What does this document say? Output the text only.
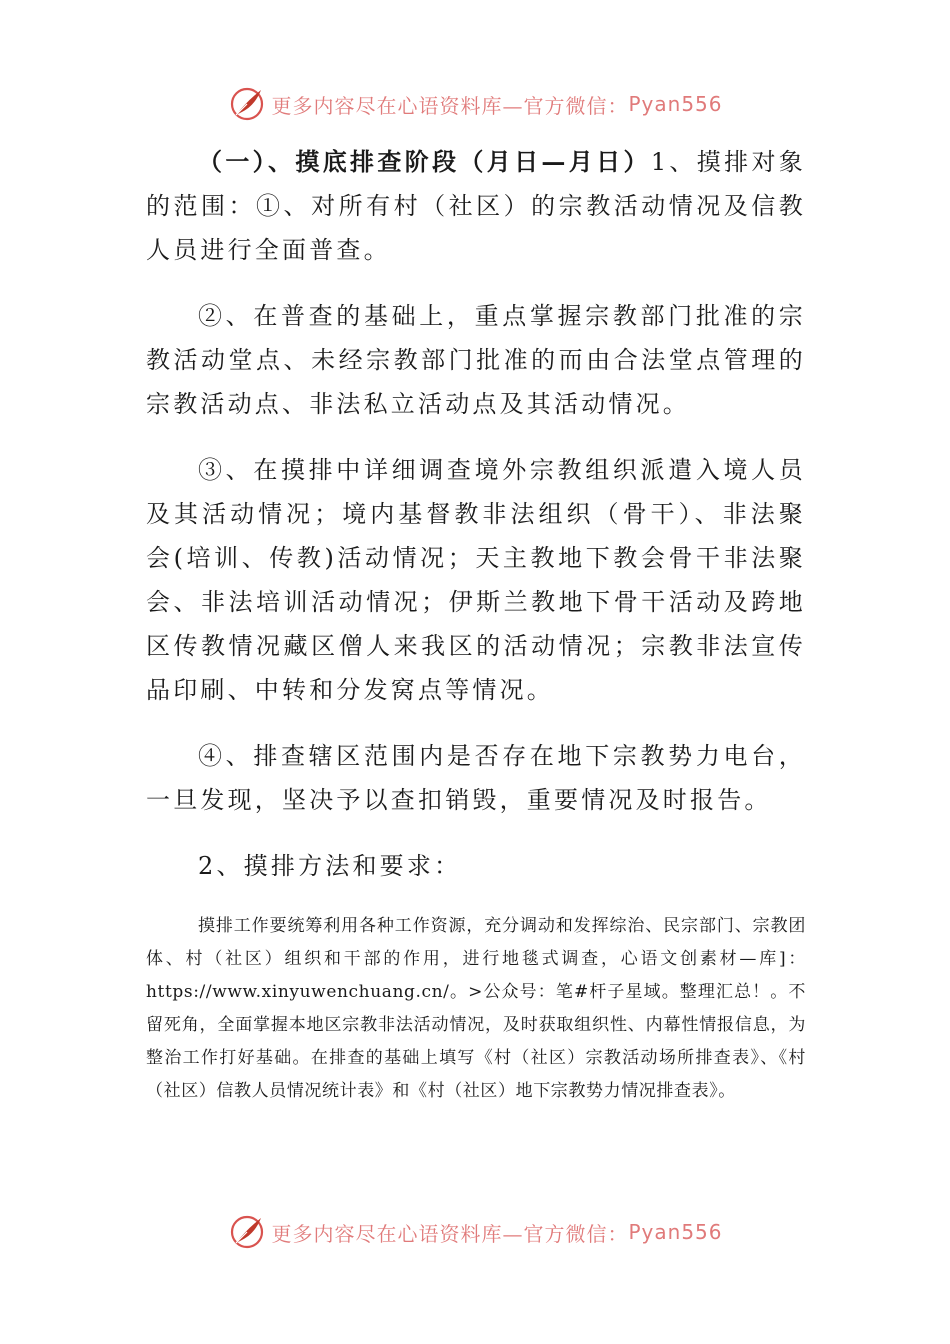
更多内容尽在心语资料库—官方微信： Pyan556

（一）、摸底排查阶段（月日—月日）1、摸排对象的范围：①、对所有村（社区）的宗教活动情况及信教人员进行全面普查。

②、在普查的基础上，重点掌握宗教部门批准的宗教活动堂点、未经宗教部门批准的而由合法堂点管理的宗教活动点、非法私立活动点及其活动情况。

③、在摸排中详细调查境外宗教组织派遣入境人员及其活动情况；境内基督教非法组织（骨干）、非法聚会(培训、传教)活动情况；天主教地下教会骨干非法聚会、非法培训活动情况；伊斯兰教地下骨干活动及跨地区传教情况藏区僧人来我区的活动情况；宗教非法宣传品印刷、中转和分发窝点等情况。

④、排查辖区范围内是否存在地下宗教势力电台，一旦发现，坚决予以查扣销毁，重要情况及时报告。

2、摸排方法和要求：

摸排工作要统筹利用各种工作资源，充分调动和发挥综治、民宗部门、宗教团体、村（社区）组织和干部的作用，进行地毯式调查，心语文创素材—库]：https://www.xinyuwenchuang.cn/。>公众号：笔#杆子星域。整理汇总！。不留死角，全面掌握本地区宗教非法活动情况，及时获取组织性、内幕性情报信息，为整治工作打好基础。在排查的基础上填写《村（社区）宗教活动场所排查表》、《村（社区）信教人员情况统计表》和《村（社区）地下宗教势力情况排查表》。

更多内容尽在心语资料库—官方微信： Pyan556
